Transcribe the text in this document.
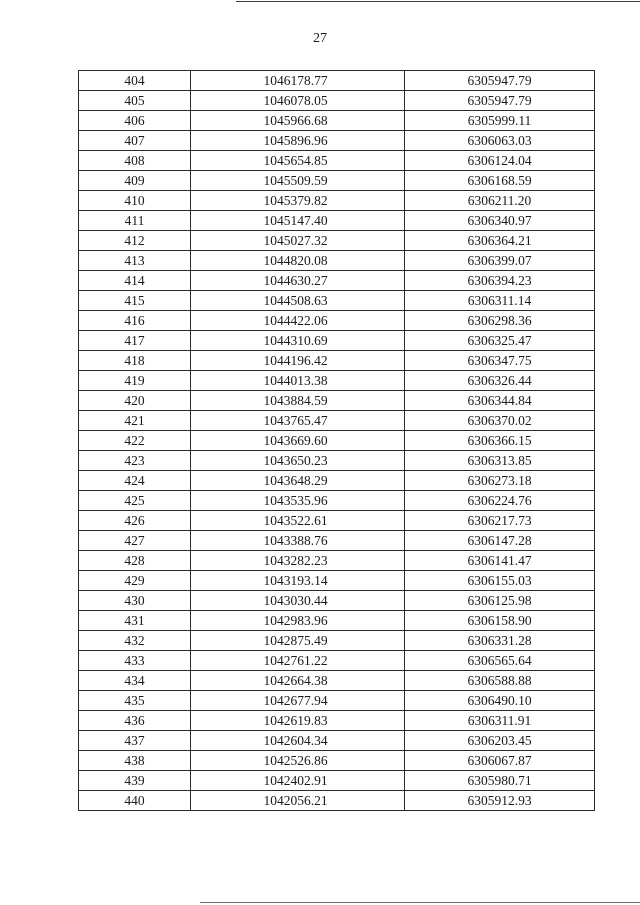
27
404	1046178.77	6305947.79
405	1046078.05	6305947.79
406	1045966.68	6305999.11
407	1045896.96	6306063.03
408	1045654.85	6306124.04
409	1045509.59	6306168.59
410	1045379.82	6306211.20
411	1045147.40	6306340.97
412	1045027.32	6306364.21
413	1044820.08	6306399.07
414	1044630.27	6306394.23
415	1044508.63	6306311.14
416	1044422.06	6306298.36
417	1044310.69	6306325.47
418	1044196.42	6306347.75
419	1044013.38	6306326.44
420	1043884.59	6306344.84
421	1043765.47	6306370.02
422	1043669.60	6306366.15
423	1043650.23	6306313.85
424	1043648.29	6306273.18
425	1043535.96	6306224.76
426	1043522.61	6306217.73
427	1043388.76	6306147.28
428	1043282.23	6306141.47
429	1043193.14	6306155.03
430	1043030.44	6306125.98
431	1042983.96	6306158.90
432	1042875.49	6306331.28
433	1042761.22	6306565.64
434	1042664.38	6306588.88
435	1042677.94	6306490.10
436	1042619.83	6306311.91
437	1042604.34	6306203.45
438	1042526.86	6306067.87
439	1042402.91	6305980.71
440	1042056.21	6305912.93
